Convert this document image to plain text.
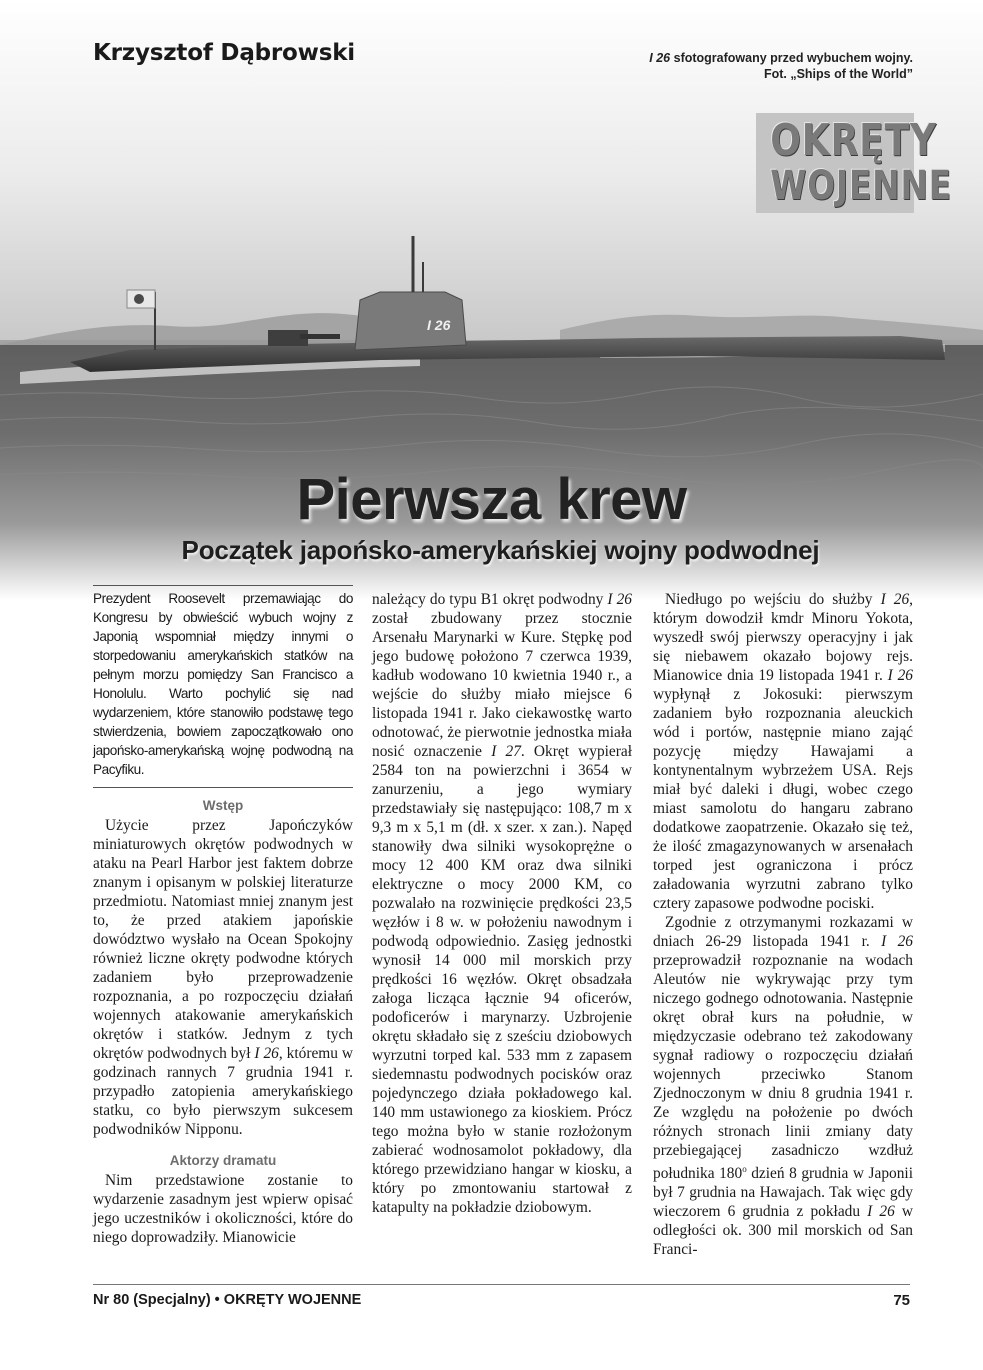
I 26
Krzysztof Dąbrowski	I 26 sfotografowany przed wybuchem wojny.
Fot. „Ships of the World”
OKRĘTY
WOJENNE
Pierwsza krew
Początek japońsko-amerykańskiej wojny podwodnej
Prezydent Roosevelt przemawiając do Kongresu by obwieścić wybuch wojny z Japonią wspomniał między innymi o storpedowaniu amerykańskich statków na pełnym morzu pomiędzy San Francisco a Honolulu. Warto pochylić się nad wydarzeniem, które stanowiło podstawę tego stwierdzenia, bowiem zapoczątkowało ono japońsko-amerykańską wojnę podwodną na Pacyfiku.
Wstęp

Użycie przez Japończyków miniaturowych okrętów podwodnych w ataku na Pearl Harbor jest faktem dobrze znanym i opisanym w polskiej literaturze przedmiotu. Natomiast mniej znanym jest to, że przed atakiem japońskie dowództwo wysłało na Ocean Spokojny również liczne okręty podwodne których zadaniem było przeprowadzenie rozpoznania, a po rozpoczęciu działań wojennych atakowanie amerykańskich okrętów i statków. Jednym z tych okrętów podwodnych był I 26, któremu w godzinach rannych 7 grudnia 1941 r. przypadło zatopienia amerykańskiego statku, co było pierwszym sukcesem podwodników Nipponu.

Aktorzy dramatu

Nim przedstawione zostanie to wydarzenie zasadnym jest wpierw opisać jego uczestników i okoliczności, które do niego doprowadziły. Mianowicie

należący do typu B1 okręt podwodny I 26 został zbudowany przez stocznie Arsenału Marynarki w Kure. Stępkę pod jego budowę położono 7 czerwca 1939, kadłub wodowano 10 kwietnia 1940 r., a wejście do służby miało miejsce 6 listopada 1941 r. Jako ciekawostkę warto odnotować, że pierwotnie jednostka miała nosić oznaczenie I 27. Okręt wypierał 2584 ton na powierzchni i 3654 w zanurzeniu, a jego wymiary przedstawiały się następująco: 108,7 m x 9,3 m x 5,1 m (dł. x szer. x zan.). Napęd stanowiły dwa silniki wysokoprężne o mocy 12 400 KM oraz dwa silniki elektryczne o mocy 2000 KM, co pozwalało na rozwinięcie prędkości 23,5 węzłów i 8 w. w położeniu nawodnym i podwodą odpowiednio. Zasięg jednostki wynosił 14 000 mil morskich przy prędkości 16 węzłów. Okręt obsadzała załoga licząca łącznie 94 oficerów, podoficerów i marynarzy. Uzbrojenie okrętu składało się z sześciu dziobowych wyrzutni torped kal. 533 mm z zapasem siedemnastu podwodnych pocisków oraz pojedynczego działa pokładowego kal. 140 mm ustawionego za kioskiem. Prócz tego można było w stanie rozłożonym zabierać wodnosamolot pokładowy, dla którego przewidziano hangar w kiosku, a który po zmontowaniu startował z katapulty na pokładzie dziobowym.

Niedługo po wejściu do służby I 26, którym dowodził kmdr Minoru Yokota, wyszedł swój pierwszy operacyjny i jak się niebawem okazało bojowy rejs. Mianowice dnia 19 listopada 1941 r. I 26 wypłynął z Jokosuki: pierwszym zadaniem było rozpoznania aleuckich wód i portów, następnie miano zająć pozycję między Hawajami a kontynentalnym wybrzeżem USA. Rejs miał być daleki i długi, wobec czego miast samolotu do hangaru zabrano dodatkowe zaopatrzenie. Okazało się też, że ilość zmagazynowanych w arsenałach torped jest ograniczona i prócz załadowania wyrzutni zabrano tylko cztery zapasowe podwodne pociski.

Zgodnie z otrzymanymi rozkazami w dniach 26-29 listopada 1941 r. I 26 przeprowadził rozpoznanie na wodach Aleutów nie wykrywając przy tym niczego godnego odnotowania. Następnie okręt obrał kurs na południe, w międzyczasie odebrano też zakodowany sygnał radiowy o rozpoczęciu działań wojennych przeciwko Stanom Zjednoczonym w dniu 8 grudnia 1941 r. Ze względu na położenie po dwóch różnych stronach linii zmiany daty przebiegającej zasadniczo wzdłuż południka 180$^o$ dzień 8 grudnia w Japonii był 7 grudnia na Hawajach. Tak więc gdy wieczorem 6 grudnia z pokładu I 26 w odległości ok. 300 mil morskich od San Franci-

Nr 80 (Specjalny) • OKRĘTY WOJENNE	75
